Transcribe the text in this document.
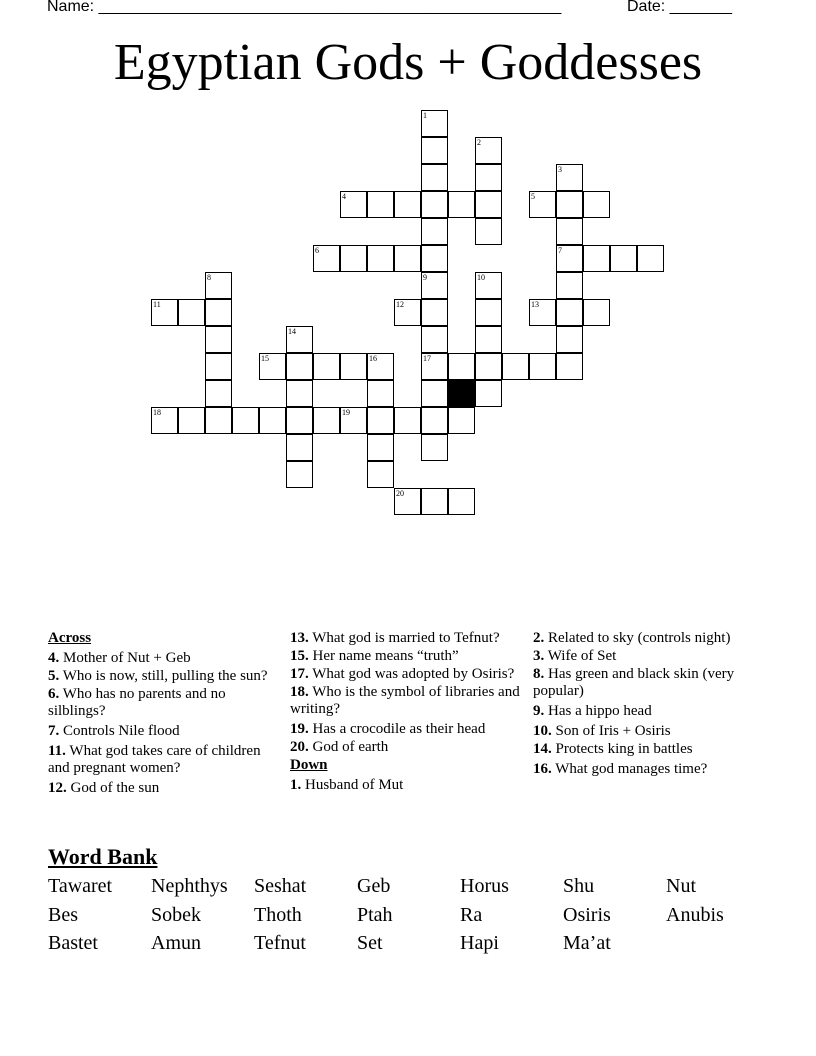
Name: ____________________________________________________	Date: _______
Egyptian Gods + Goddesses
1
2
3
7
4	5
6
8	9
17
10
11	12	13
14
15	16
18	19
20
Across
4. Mother of Nut + Geb
5. Who is now, still, pulling the sun?
6. Who has no parents and no silblings?
7. Controls Nile flood
11. What god takes care of children and pregnant women?
12. God of the sun
13. What god is married to Tefnut?
15. Her name means “truth”
17. What god was adopted by Osiris?
18. Who is the symbol of libraries and writing?
19. Has a crocodile as their head
20. God of earth
Down
1. Husband of Mut
2. Related to sky (controls night)
3. Wife of Set
8. Has green and black skin (very popular)
9. Has a hippo head
10. Son of Iris + Osiris
14. Protects king in battles
16. What god manages time?
Word Bank
Tawaret Nephthys Seshat	Geb	Horus	Shu	Nut
Bes	Sobek	Thoth	Ptah	Ra	Osiris	Anubis
Bastet	Amun	Tefnut	Set	Hapi	Ma’at
